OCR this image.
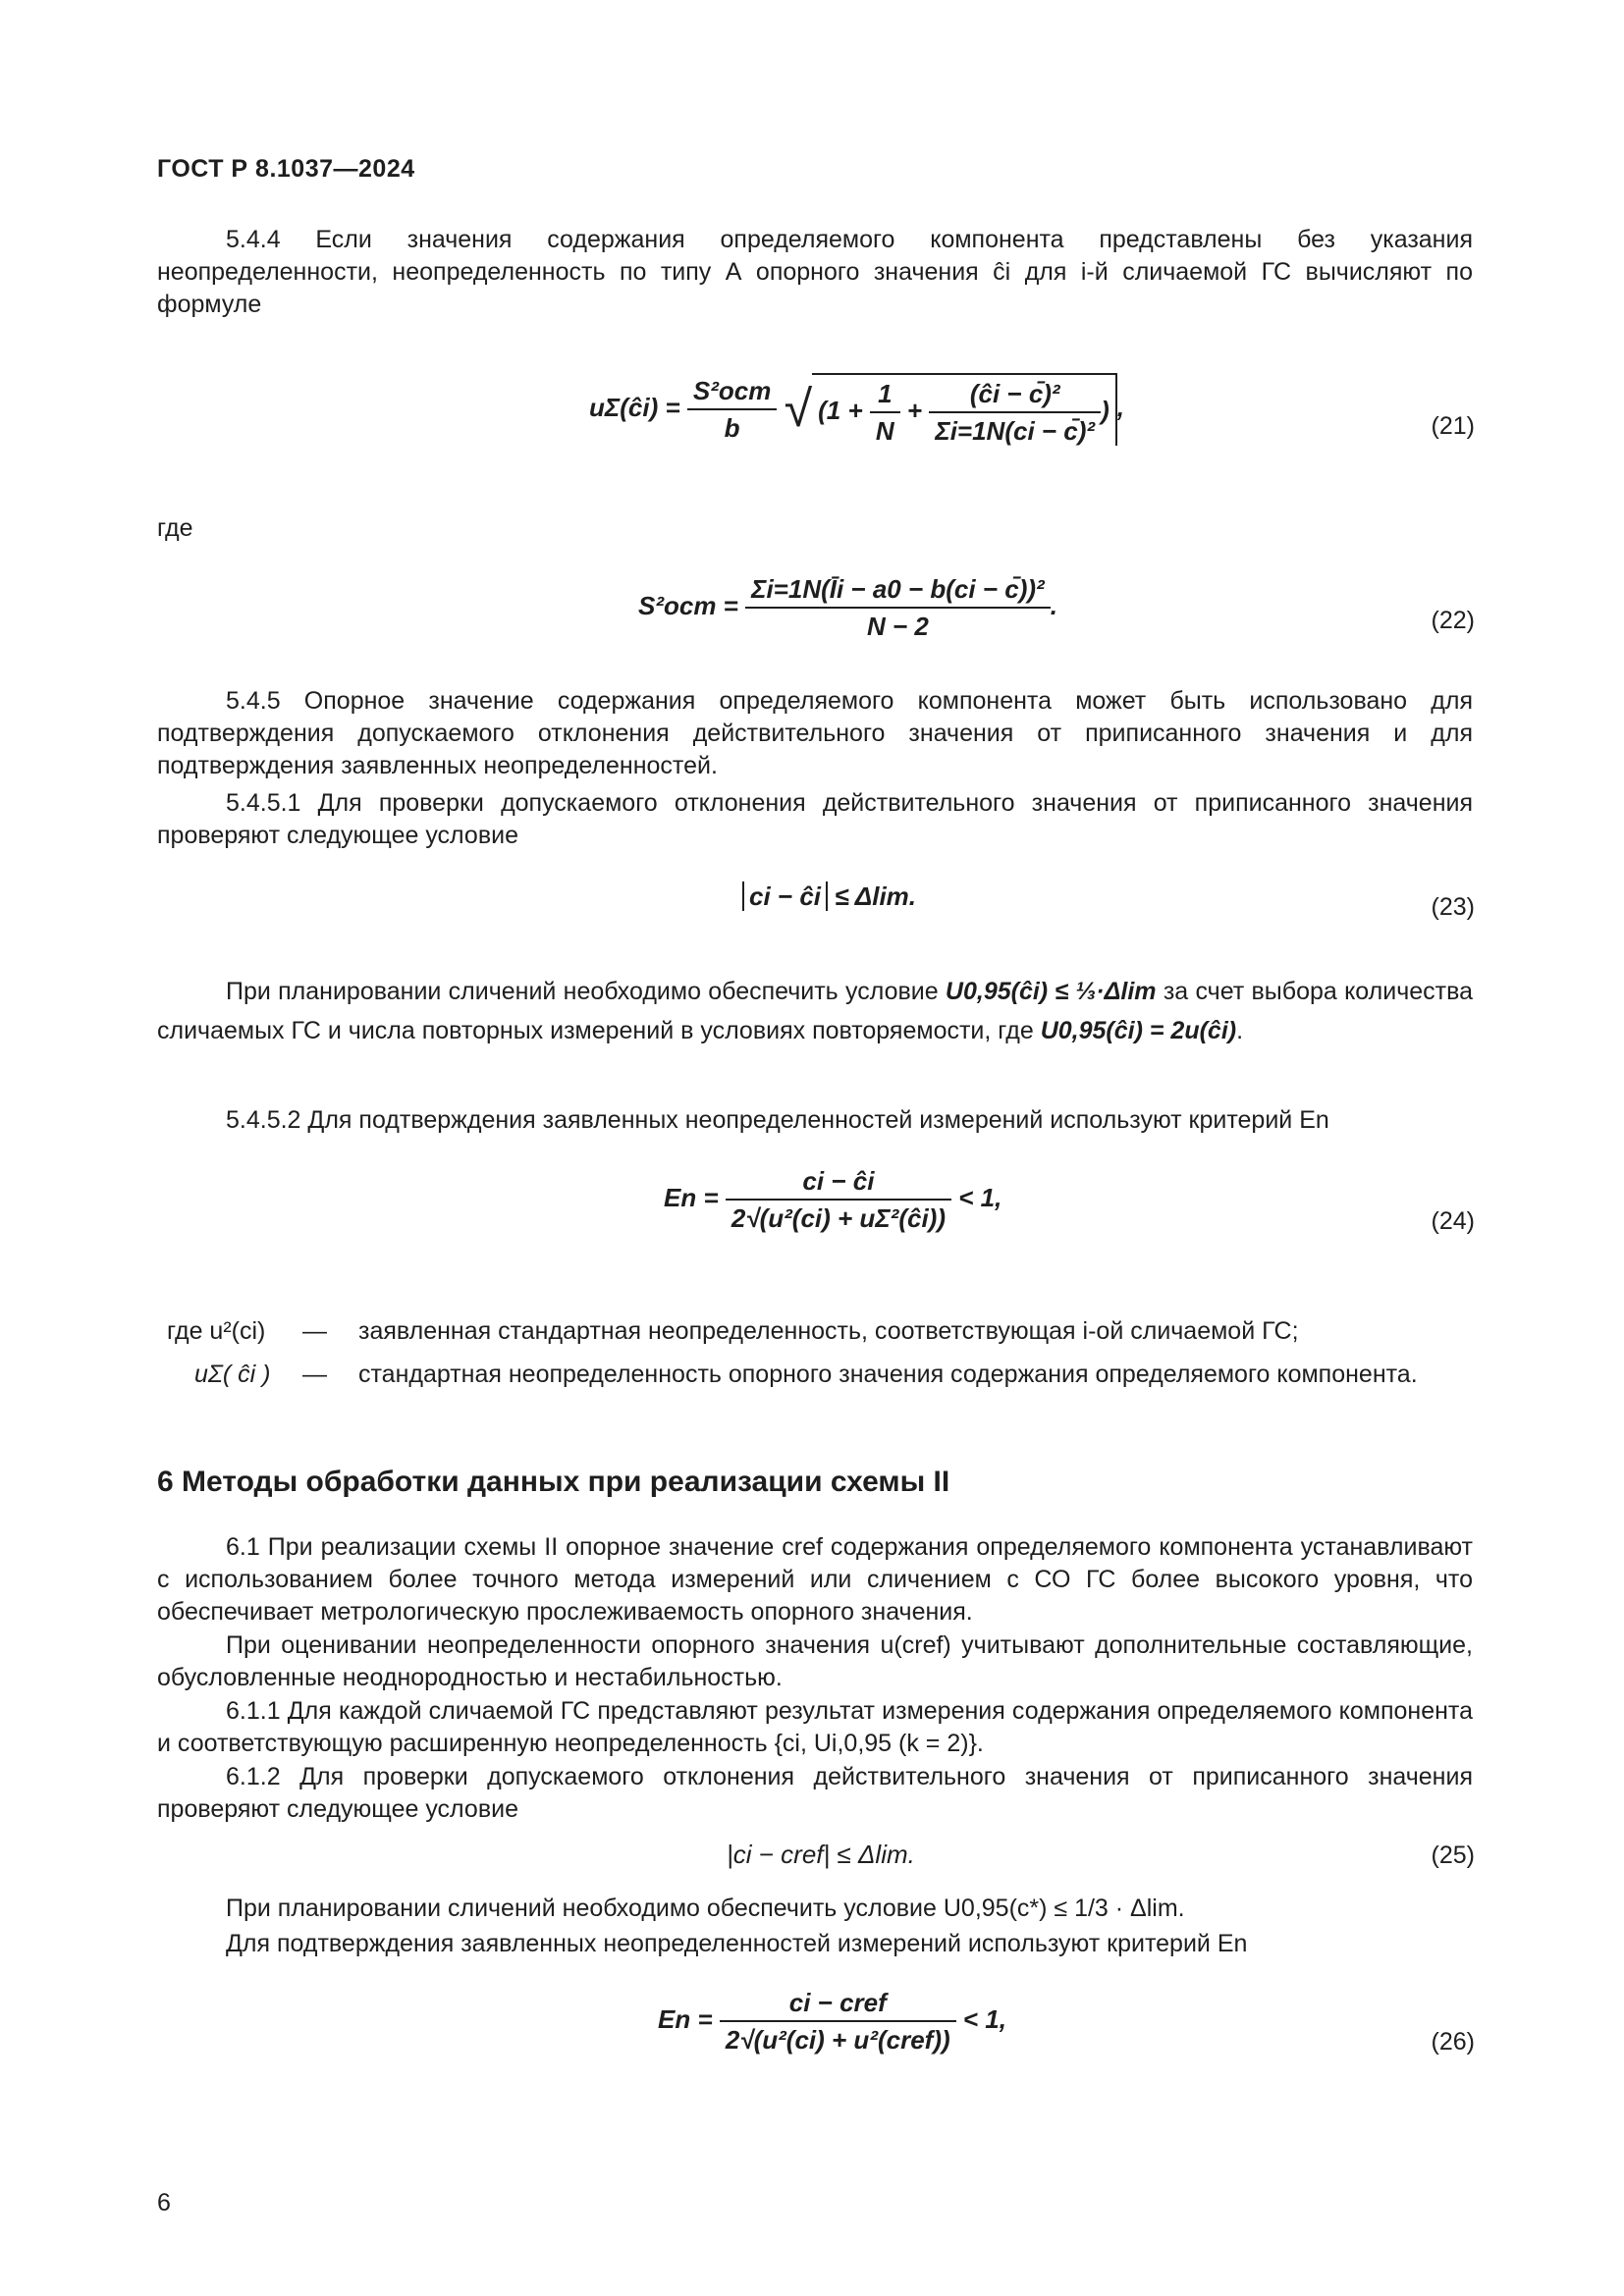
ГОСТ Р 8.1037—2024
5.4.4 Если значения содержания определяемого компонента представлены без указания неопределенности, неопределенность по типу А опорного значения ĉi для i-й сличаемой ГС вычисляют по формуле
uΣ(ĉi) = $\frac{\text{S²ост}}{b} √(1 + \frac{1}{N} + \frac{\text{(ĉi − c̄)²}}{\text{Σi=1N(ci − c̄)²}}$ ),
(21)
где
$S^2ост = \frac{\text{Σi=1N(Īi − a0 − b(ci − c̄))²}}{N - 2}$ .
(22)
5.4.5 Опорное значение содержания определяемого компонента может быть использовано для подтверждения допускаемого отклонения действительного значения от приписанного значения и для подтверждения заявленных неопределенностей.
5.4.5.1 Для проверки допускаемого отклонения действительного значения от приписанного значения проверяют следующее условие
ci − ĉi ≤ Δlim.	(23)
При планировании сличений необходимо обеспечить условие U0,95(ĉi) ≤ ⅓·Δlim за счет выбора количества сличаемых ГС и числа повторных измерений в условиях повторяемости, где U0,95(ĉi) = 2u(ĉi).
5.4.5.2 Для подтверждения заявленных неопределенностей измерений используют критерий En
$En = \frac{ci - ĉi}{\text{2√(u²(ci) + uΣ²(ĉi))}} < 1$,
(24)
где u²(ci)	— заявленная стандартная неопределенность, соответствующая i-ой сличаемой ГС;
uΣ( ĉi )	— стандартная неопределенность опорного значения содержания определяемого компонента.
6 Методы обработки данных при реализации схемы II
6.1 При реализации схемы II опорное значение cref содержания определяемого компонента устанавливают с использованием более точного метода измерений или сличением с СО ГС более высокого уровня, что обеспечивает метрологическую прослеживаемость опорного значения.
При оценивании неопределенности опорного значения u(cref) учитывают дополнительные составляющие, обусловленные неоднородностью и нестабильностью.
6.1.1 Для каждой сличаемой ГС представляют результат измерения содержания определяемого компонента и соответствующую расширенную неопределенность {ci, Ui,0,95 (k = 2)}.
6.1.2 Для проверки допускаемого отклонения действительного значения от приписанного значения проверяют следующее условие
|ci − cref| ≤ Δlim.	(25)
При планировании сличений необходимо обеспечить условие U0,95(c*) ≤ 1/3 · Δlim.
Для подтверждения заявленных неопределенностей измерений используют критерий En
$En = \frac{\text{ci − cref}}{\text{2√(u²(ci) + u²(cref))}} < 1$,
(26)
6
